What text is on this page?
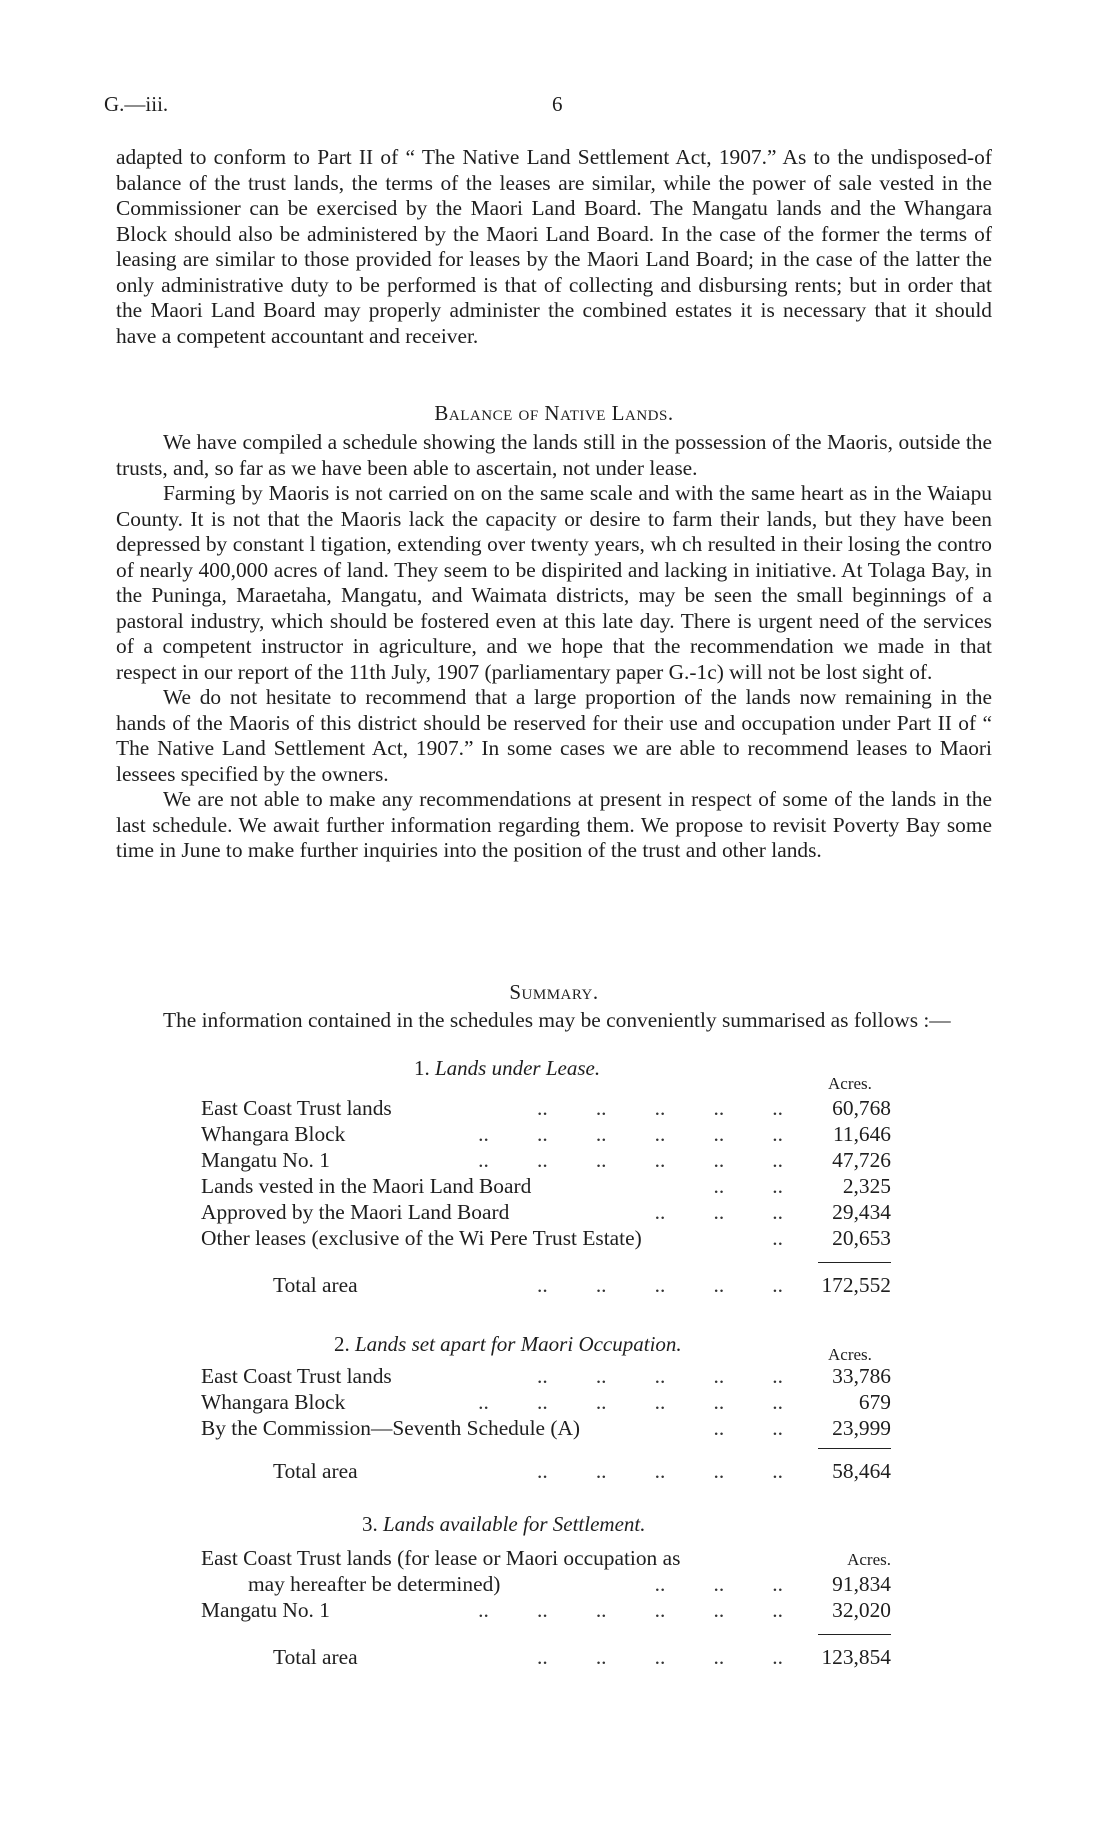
G.—iii.	6

adapted to conform to Part II of “ The Native Land Settlement Act, 1907.” As to the undisposed-of balance of the trust lands, the terms of the leases are similar, while the power of sale vested in the Commissioner can be exercised by the Maori Land Board. The Mangatu lands and the Whangara Block should also be administered by the Maori Land Board. In the case of the former the terms of leasing are similar to those provided for leases by the Maori Land Board; in the case of the latter the only administrative duty to be performed is that of collecting and disbursing rents; but in order that the Maori Land Board may properly administer the combined estates it is necessary that it should have a competent accountant and receiver.

Balance of Native Lands.

We have compiled a schedule showing the lands still in the possession of the Maoris, outside the trusts, and, so far as we have been able to ascertain, not under lease.

Farming by Maoris is not carried on on the same scale and with the same heart as in the Waiapu County. It is not that the Maoris lack the capacity or desire to farm their lands, but they have been depressed by constant l tigation, extending over twenty years, wh ch resulted in their losing the contro of nearly 400,000 acres of land. They seem to be dispirited and lacking in initiative. At Tolaga Bay, in the Puninga, Maraetaha, Mangatu, and Waimata districts, may be seen the small beginnings of a pastoral industry, which should be fostered even at this late day. There is urgent need of the services of a competent instructor in agriculture, and we hope that the recommendation we made in that respect in our report of the 11th July, 1907 (parliamentary paper G.-1c) will not be lost sight of.

We do not hesitate to recommend that a large proportion of the lands now remaining in the hands of the Maoris of this district should be reserved for their use and occupation under Part II of “ The Native Land Settlement Act, 1907.” In some cases we are able to recommend leases to Maori lessees specified by the owners.

We are not able to make any recommendations at present in respect of some of the lands in the last schedule. We await further information regarding them. We propose to revisit Poverty Bay some time in June to make further inquiries into the position of the trust and other lands.

Summary.

The information contained in the schedules may be conveniently summarised as follows :—

1. Lands under Lease.
Acres.
..         ..         ..         ..         ..
East Coast Trust lands	60,768
..         ..         ..         ..         ..         ..
Whangara Block	11,646
..         ..         ..         ..         ..         ..
Mangatu No. 1	47,726
..         ..
Lands vested in the Maori Land Board	2,325
..         ..         ..
Approved by the Maori Land Board	29,434
..
Other leases (exclusive of the Wi Pere Trust Estate)	20,653
..         ..         ..         ..         ..
Total area	172,552
2. Lands set apart for Maori Occupation.	Acres.
..         ..         ..         ..         ..
East Coast Trust lands	33,786
..         ..         ..         ..         ..         ..
Whangara Block	679
..         ..
By the Commission—Seventh Schedule (A)	23,999
..         ..         ..         ..         ..
Total area	58,464
3. Lands available for Settlement.
East Coast Trust lands (for lease or Maori occupation as	Acres.
..         ..         ..
may hereafter be determined)	91,834
..         ..         ..         ..         ..         ..
Mangatu No. 1	32,020
..         ..         ..         ..         ..
Total area	123,854
